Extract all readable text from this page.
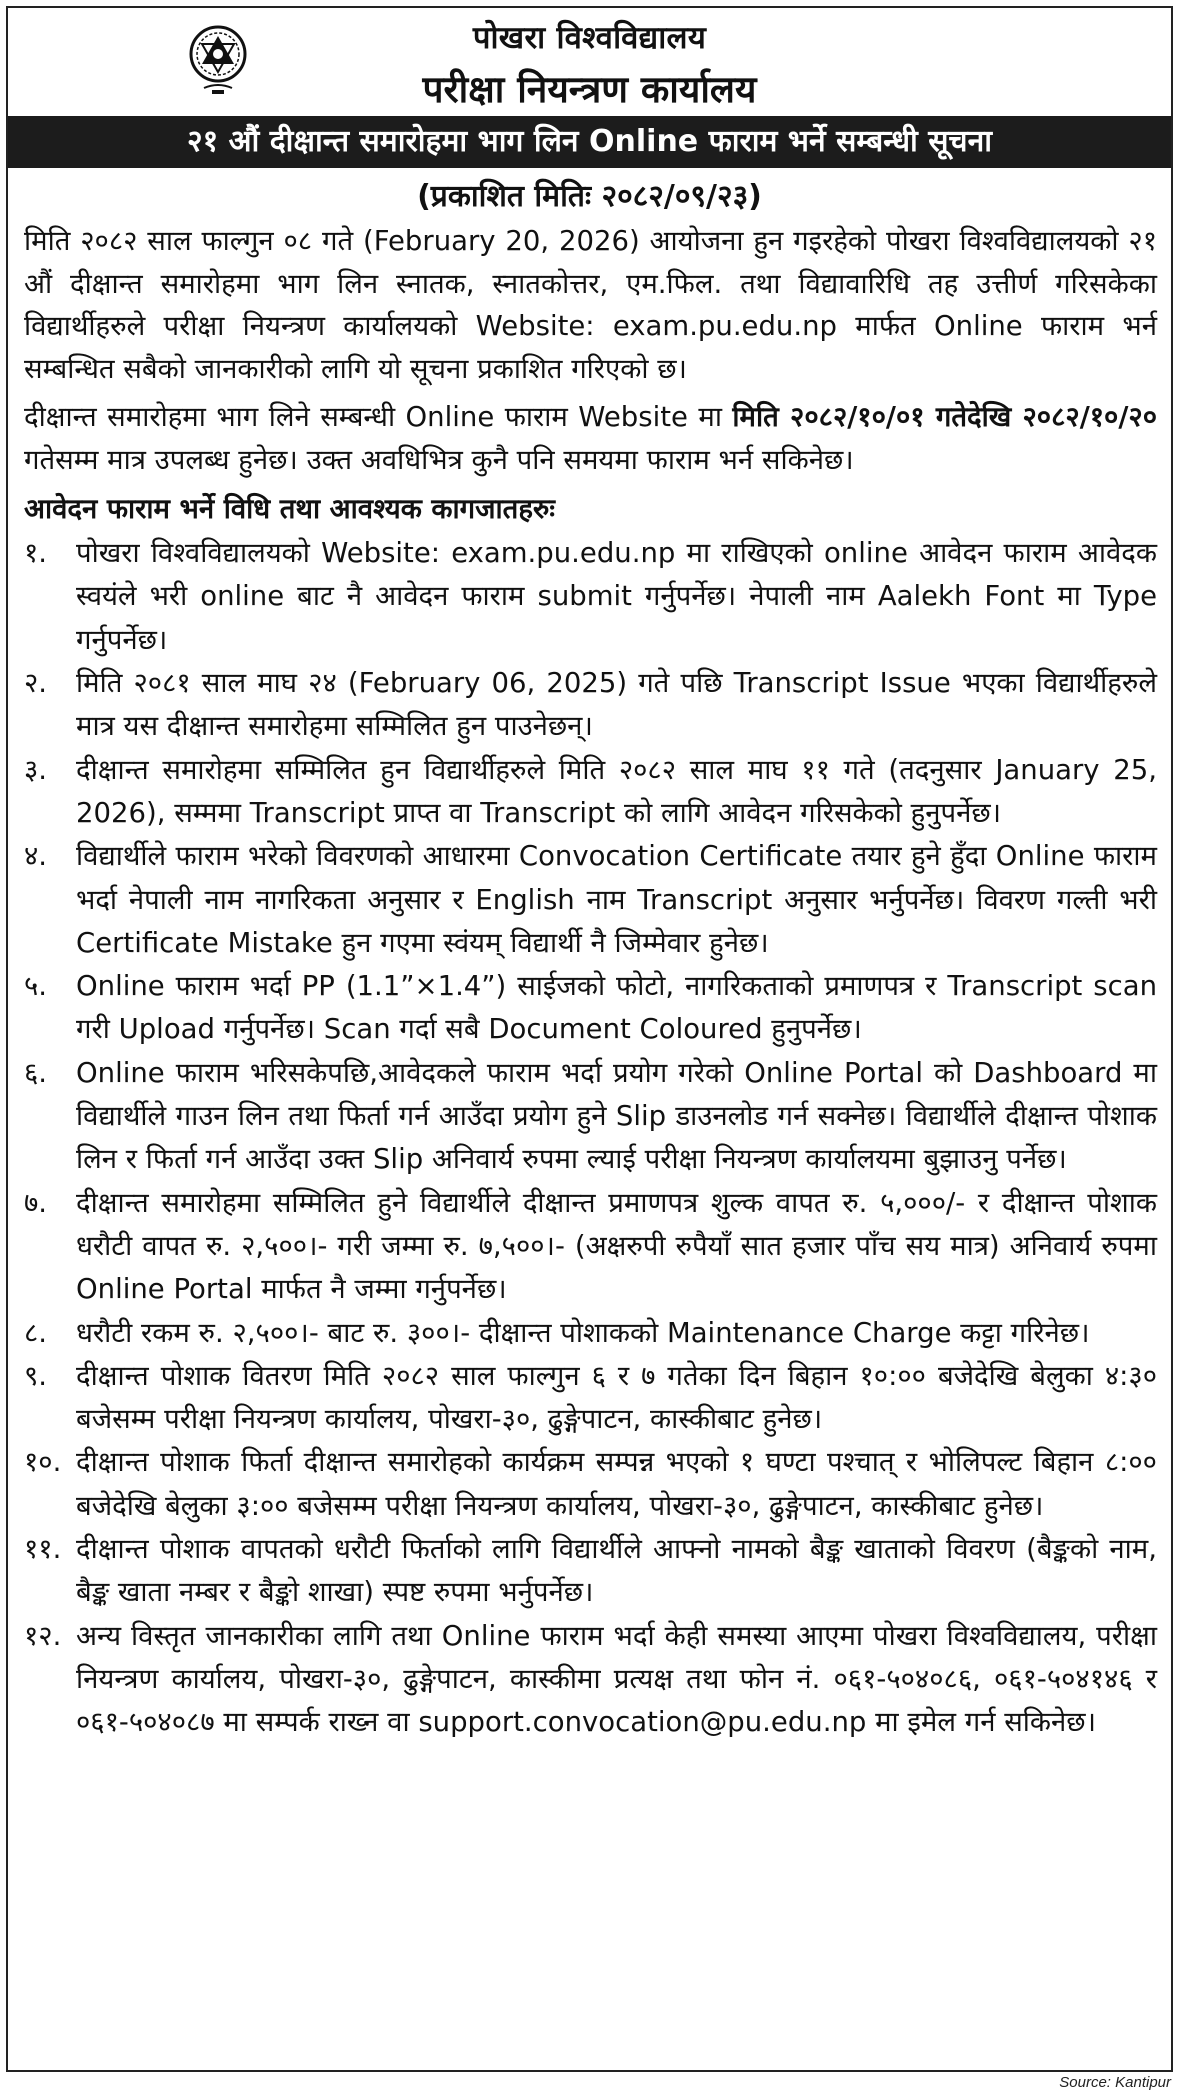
पोखरा विश्वविद्यालय
परीक्षा नियन्त्रण कार्यालय
२१ औं दीक्षान्त समारोहमा भाग लिन Online फाराम भर्ने सम्बन्धी सूचना
(प्रकाशित मितिः २०८२/०९/२३)

मिति २०८२ साल फाल्गुन ०८ गते (February 20, 2026) आयोजना हुन गइरहेको पोखरा विश्वविद्यालयको २१ औं दीक्षान्त समारोहमा भाग लिन स्नातक, स्नातकोत्तर, एम.फिल. तथा विद्यावारिधि तह उत्तीर्ण गरिसकेका विद्यार्थीहरुले परीक्षा नियन्त्रण कार्यालयको Website: exam.pu.edu.np मार्फत Online फाराम भर्न सम्बन्धित सबैको जानकारीको लागि यो सूचना प्रकाशित गरिएको छ।

दीक्षान्त समारोहमा भाग लिने सम्बन्धी Online फाराम Website मा मिति २०८२/१०/०१ गतेदेखि २०८२/१०/२० गतेसम्म मात्र उपलब्ध हुनेछ। उक्त अवधिभित्र कुनै पनि समयमा फाराम भर्न सकिनेछ।

आवेदन फाराम भर्ने विधि तथा आवश्यक कागजातहरुः
१.	पोखरा विश्वविद्यालयको Website: exam.pu.edu.np मा राखिएको online आवेदन फाराम आवेदक स्वयंले भरी online बाट नै आवेदन फाराम submit गर्नुपर्नेछ। नेपाली नाम Aalekh Font मा Type गर्नुपर्नेछ।
२.	मिति २०८१ साल माघ २४ (February 06, 2025) गते पछि Transcript Issue भएका विद्यार्थीहरुले मात्र यस दीक्षान्त समारोहमा सम्मिलित हुन पाउनेछन्।
३.	दीक्षान्त समारोहमा सम्मिलित हुन विद्यार्थीहरुले मिति २०८२ साल माघ ११ गते (तदनुसार January 25, 2026), सम्ममा Transcript प्राप्त वा Transcript को लागि आवेदन गरिसकेको हुनुपर्नेछ।
४.	विद्यार्थीले फाराम भरेको विवरणको आधारमा Convocation Certificate तयार हुने हुँदा Online फाराम भर्दा नेपाली नाम नागरिकता अनुसार र English नाम Transcript अनुसार भर्नुपर्नेछ। विवरण गल्ती भरी Certificate Mistake हुन गएमा स्वंयम् विद्यार्थी नै जिम्मेवार हुनेछ।
५.	Online फाराम भर्दा PP (1.1”×1.4”) साईजको फोटो, नागरिकताको प्रमाणपत्र र Transcript scan गरी Upload गर्नुपर्नेछ। Scan गर्दा सबै Document Coloured हुनुपर्नेछ।
६.	Online फाराम भरिसकेपछि,आवेदकले फाराम भर्दा प्रयोग गरेको Online Portal को Dashboard मा विद्यार्थीले गाउन लिन तथा फिर्ता गर्न आउँदा प्रयोग हुने Slip डाउनलोड गर्न सक्नेछ। विद्यार्थीले दीक्षान्त पोशाक लिन र फिर्ता गर्न आउँदा उक्त Slip अनिवार्य रुपमा ल्याई परीक्षा नियन्त्रण कार्यालयमा बुझाउनु पर्नेछ।
७.	दीक्षान्त समारोहमा सम्मिलित हुने विद्यार्थीले दीक्षान्त प्रमाणपत्र शुल्क वापत रु. ५,०००/- र दीक्षान्त पोशाक धरौटी वापत रु. २,५००।- गरी जम्मा रु. ७,५००।- (अक्षरुपी रुपैयाँ सात हजार पाँच सय मात्र) अनिवार्य रुपमा Online Portal मार्फत नै जम्मा गर्नुपर्नेछ।
८.	धरौटी रकम रु. २,५००।- बाट रु. ३००।- दीक्षान्त पोशाकको Maintenance Charge कट्टा गरिनेछ।
९.	दीक्षान्त पोशाक वितरण मिति २०८२ साल फाल्गुन ६ र ७ गतेका दिन बिहान १०:०० बजेदेखि बेलुका ४:३० बजेसम्म परीक्षा नियन्त्रण कार्यालय, पोखरा-३०, ढुङ्गेपाटन, कास्कीबाट हुनेछ।
१०. दीक्षान्त पोशाक फिर्ता दीक्षान्त समारोहको कार्यक्रम सम्पन्न भएको १ घण्टा पश्चात् र भोलिपल्ट बिहान ८:०० बजेदेखि बेलुका ३:०० बजेसम्म परीक्षा नियन्त्रण कार्यालय, पोखरा-३०, ढुङ्गेपाटन, कास्कीबाट हुनेछ।
११. दीक्षान्त पोशाक वापतको धरौटी फिर्ताको लागि विद्यार्थीले आफ्नो नामको बैङ्क खाताको विवरण (बैङ्कको नाम, बैङ्क खाता नम्बर र बैङ्को शाखा) स्पष्ट रुपमा भर्नुपर्नेछ।
१२. अन्य विस्तृत जानकारीका लागि तथा Online फाराम भर्दा केही समस्या आएमा पोखरा विश्वविद्यालय, परीक्षा नियन्त्रण कार्यालय, पोखरा-३०, ढुङ्गेपाटन, कास्कीमा प्रत्यक्ष तथा फोन नं. ०६१-५०४०८६, ०६१-५०४१४६ र ०६१-५०४०८७ मा सम्पर्क राख्न वा support.convocation@pu.edu.np मा इमेल गर्न सकिनेछ।
Source: Kantipur
